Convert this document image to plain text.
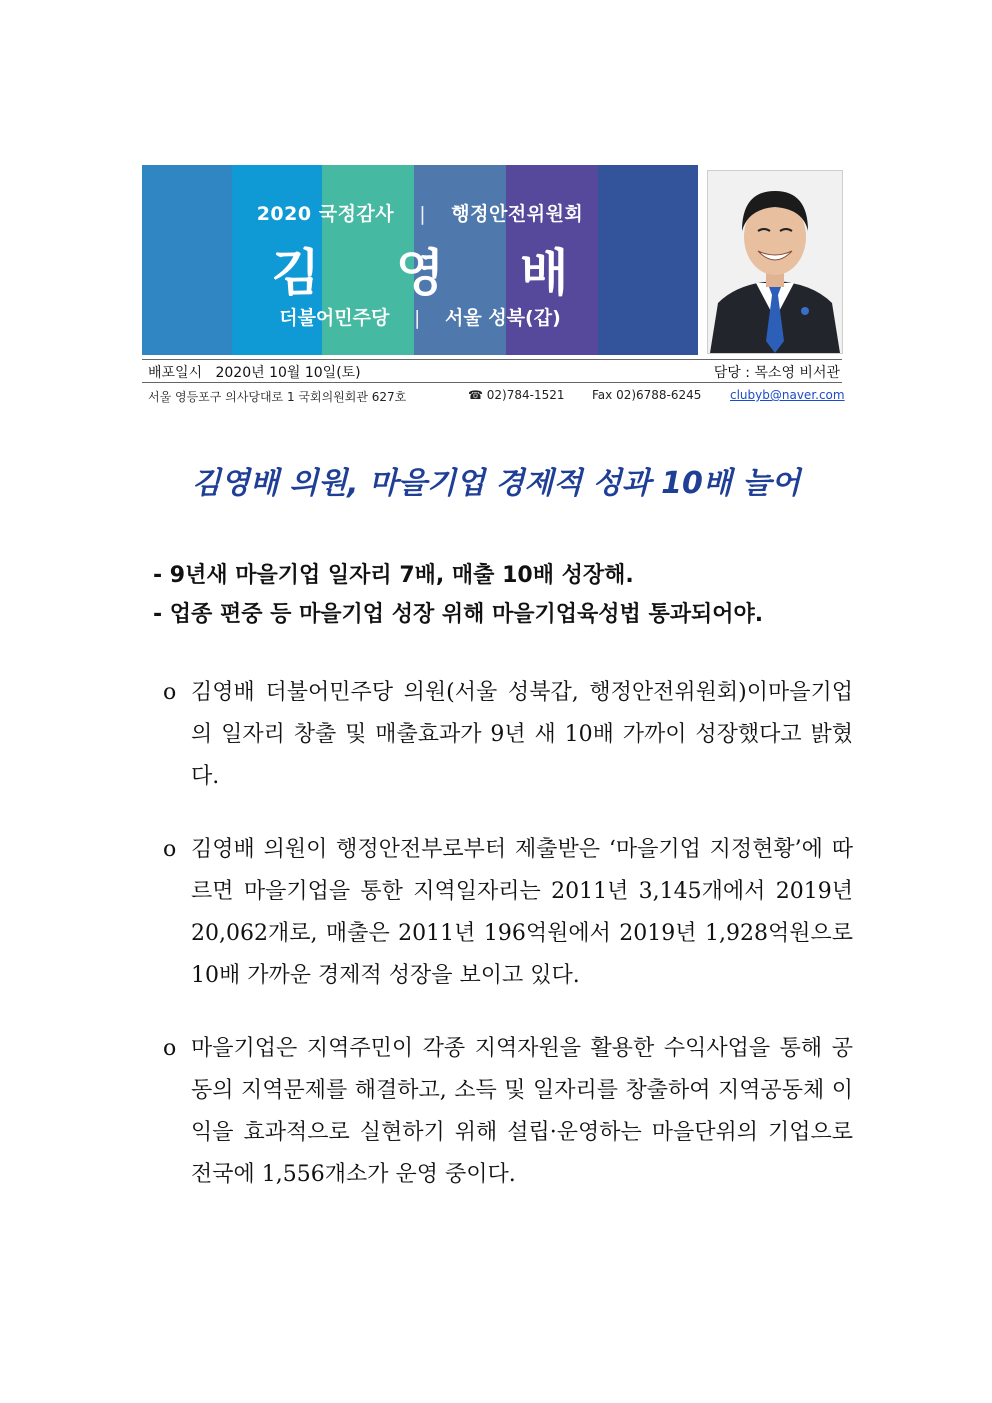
2020 국정감사 | 행정안전위원회
김 영 배
더불어민주당 | 서울 성북(갑)
배포일시 2020년 10월 10일(토)	담당 : 목소영 비서관
서울 영등포구 의사당대로 1 국회의원회관 627호	☎ 02)784-1521 Fax 02)6788-6245 clubyb@naver.com
김영배 의원, 마을기업 경제적 성과 10배 늘어
- 9년새 마을기업 일자리 7배, 매출 10배 성장해.
- 업종 편중 등 마을기업 성장 위해 마을기업육성법 통과되어야.
o 김영배 더불어민주당 의원(서울 성북갑, 행정안전위원회)이마을기업의 일자리 창출 및 매출효과가 9년 새 10배 가까이 성장했다고 밝혔다.
o 김영배 의원이 행정안전부로부터 제출받은 ‘마을기업 지정현황’에 따르면 마을기업을 통한 지역일자리는 2011년 3,145개에서 2019년 20,062개로, 매출은 2011년 196억원에서 2019년 1,928억원으로 10배 가까운 경제적 성장을 보이고 있다.
o 마을기업은 지역주민이 각종 지역자원을 활용한 수익사업을 통해 공동의 지역문제를 해결하고, 소득 및 일자리를 창출하여 지역공동체 이익을 효과적으로 실현하기 위해 설립·운영하는 마을단위의 기업으로 전국에 1,556개소가 운영 중이다.
